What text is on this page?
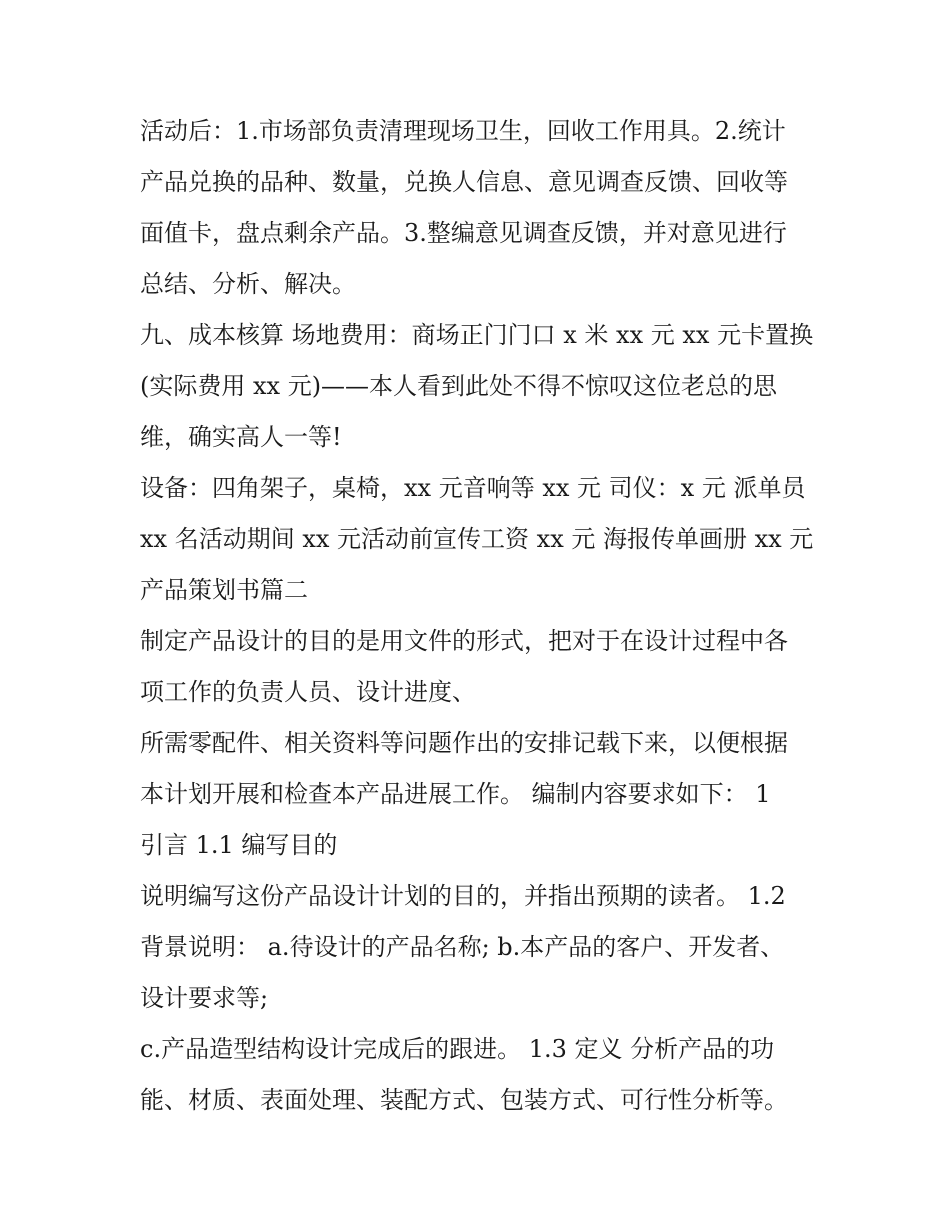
活动后：1.市场部负责清理现场卫生，回收工作用具。2.统计
产品兑换的品种、数量，兑换人信息、意见调查反馈、回收等
面值卡，盘点剩余产品。3.整编意见调查反馈，并对意见进行
总结、分析、解决。
九、成本核算 场地费用：商场正门门口 x 米 xx 元 xx 元卡置换
(实际费用 xx 元)——本人看到此处不得不惊叹这位老总的思
维，确实高人一等!
设备：四角架子，桌椅，xx 元音响等 xx 元 司仪：x 元 派单员
xx 名活动期间 xx 元活动前宣传工资 xx 元 海报传单画册 xx 元
产品策划书篇二
制定产品设计的目的是用文件的形式，把对于在设计过程中各
项工作的负责人员、设计进度、
所需零配件、相关资料等问题作出的安排记载下来，以便根据
本计划开展和检查本产品进展工作。 编制内容要求如下： 1
引言 1.1 编写目的
说明编写这份产品设计计划的目的，并指出预期的读者。 1.2
背景说明： a.待设计的产品名称; b.本产品的客户、开发者、
设计要求等;
c.产品造型结构设计完成后的跟进。 1.3 定义 分析产品的功
能、材质、表面处理、装配方式、包装方式、可行性分析等。
